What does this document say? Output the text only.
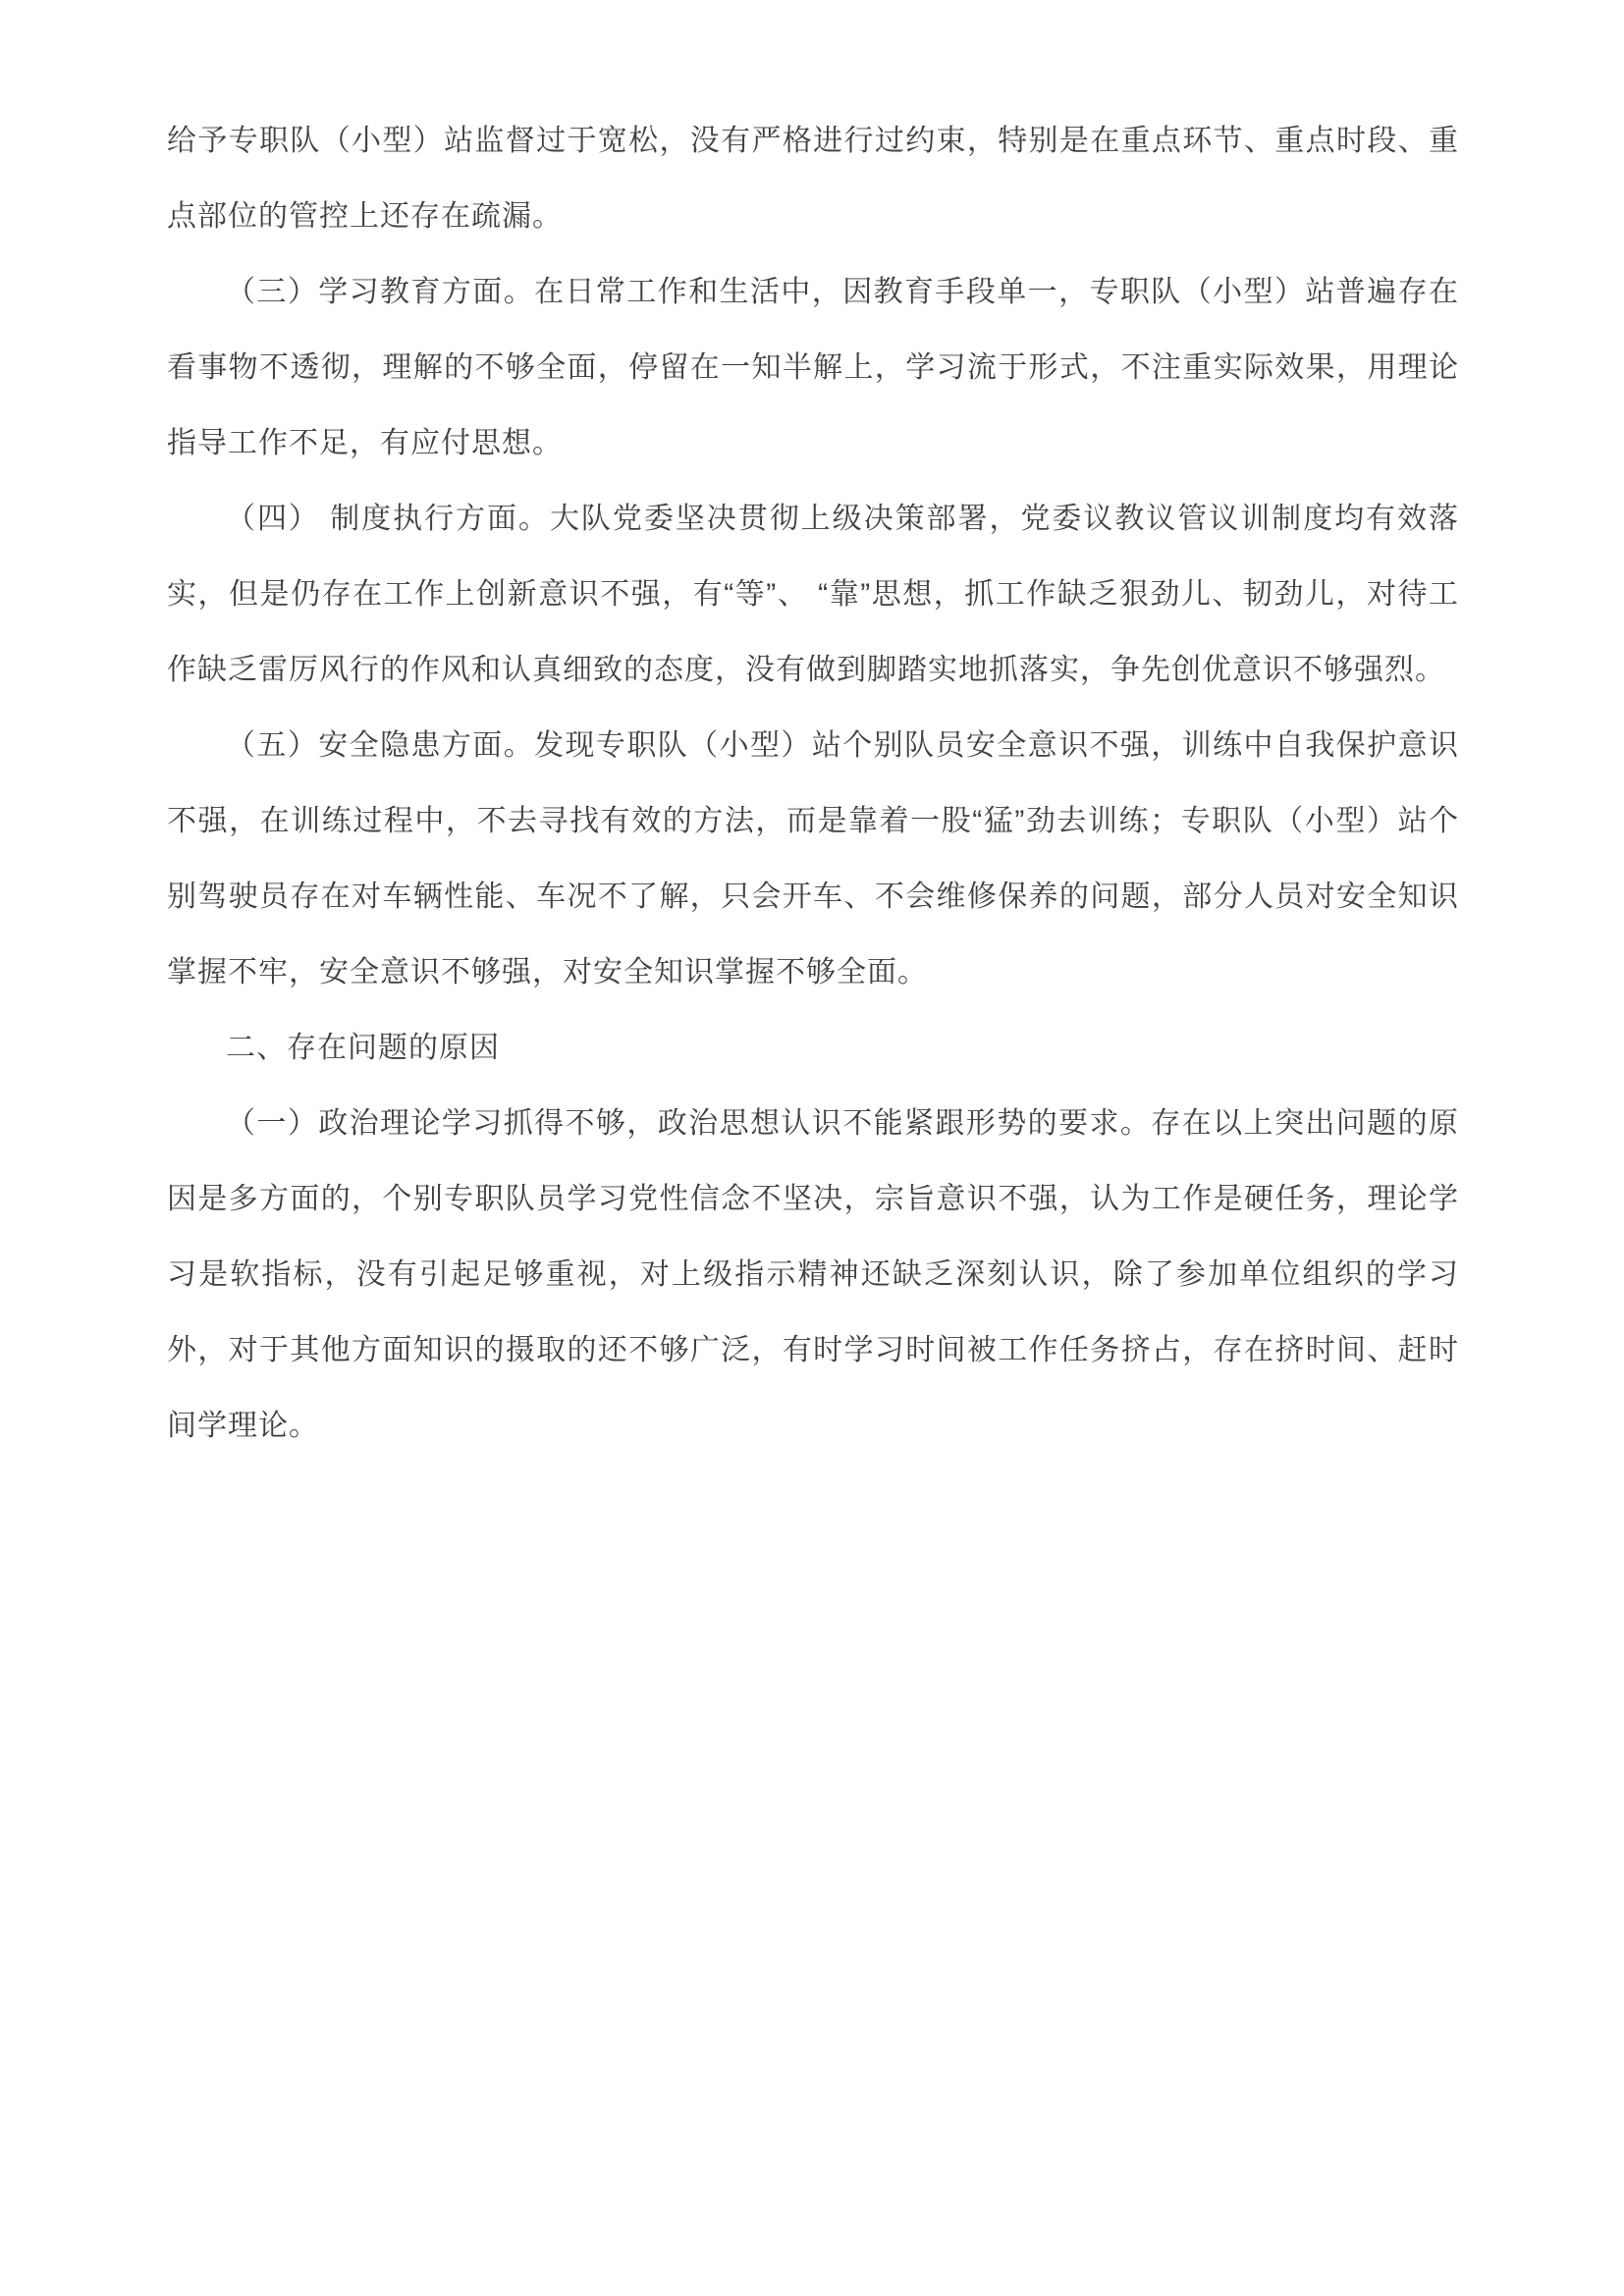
给予专职队（小型）站监督过于宽松，没有严格进行过约束，特别是在重点环节、重点时段、重点部位的管控上还存在疏漏。

（三）学习教育方面。在日常工作和生活中，因教育手段单一，专职队（小型）站普遍存在看事物不透彻，理解的不够全面，停留在一知半解上，学习流于形式，不注重实际效果，用理论指导工作不足，有应付思想。

（四） 制度执行方面。大队党委坚决贯彻上级决策部署，党委议教议管议训制度均有效落实，但是仍存在工作上创新意识不强，有“等”、 “靠”思想，抓工作缺乏狠劲儿、韧劲儿，对待工作缺乏雷厉风行的作风和认真细致的态度，没有做到脚踏实地抓落实，争先创优意识不够强烈。

（五）安全隐患方面。发现专职队（小型）站个别队员安全意识不强，训练中自我保护意识不强，在训练过程中，不去寻找有效的方法，而是靠着一股“猛”劲去训练；专职队（小型）站个别驾驶员存在对车辆性能、车况不了解，只会开车、不会维修保养的问题，部分人员对安全知识掌握不牢，安全意识不够强，对安全知识掌握不够全面。

二、存在问题的原因

（一）政治理论学习抓得不够，政治思想认识不能紧跟形势的要求。存在以上突出问题的原因是多方面的，个别专职队员学习党性信念不坚决，宗旨意识不强，认为工作是硬任务，理论学习是软指标，没有引起足够重视，对上级指示精神还缺乏深刻认识，除了参加单位组织的学习外，对于其他方面知识的摄取的还不够广泛，有时学习时间被工作任务挤占，存在挤时间、赶时间学理论。
